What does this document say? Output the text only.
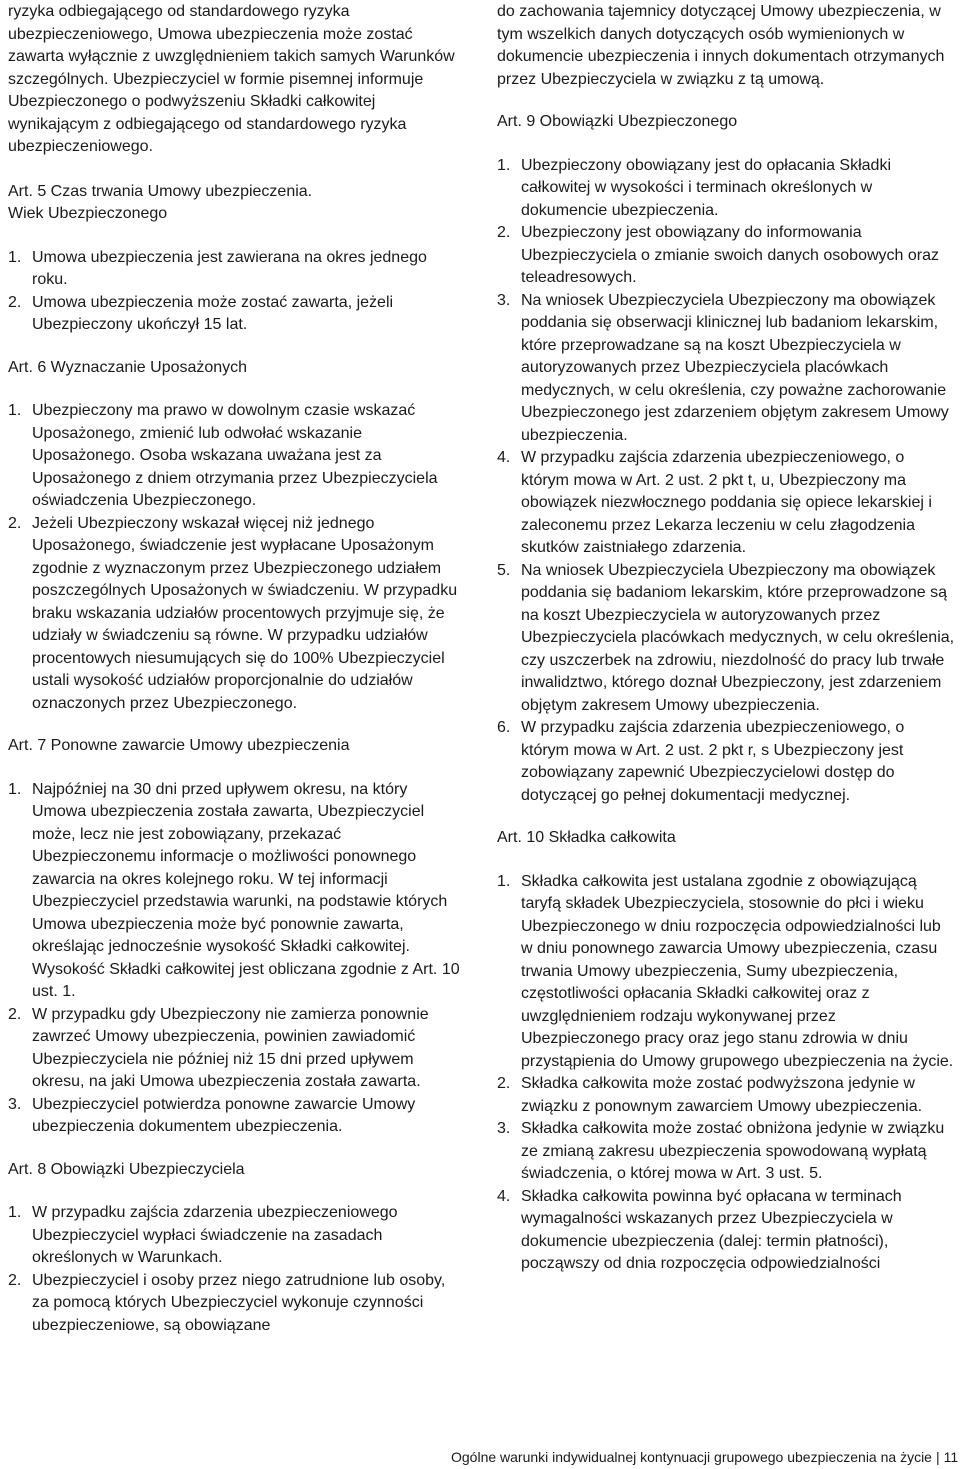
ryzyka odbiegającego od standardowego ryzyka ubezpieczeniowego, Umowa ubezpieczenia może zostać zawarta wyłącznie z uwzględnieniem takich samych Warunków szczególnych. Ubezpieczyciel w formie pisemnej informuje Ubezpieczonego o podwyższeniu Składki całkowitej wynikającym z odbiegającego od standardowego ryzyka ubezpieczeniowego.

Art. 5 Czas trwania Umowy ubezpieczenia.
Wiek Ubezpieczonego
1. Umowa ubezpieczenia jest zawierana na okres jednego roku.
2. Umowa ubezpieczenia może zostać zawarta, jeżeli Ubezpieczony ukończył 15 lat.
Art. 6 Wyznaczanie Uposażonych
1. Ubezpieczony ma prawo w dowolnym czasie wskazać Uposażonego, zmienić lub odwołać wskazanie Uposażonego. Osoba wskazana uważana jest za Uposażonego z dniem otrzymania przez Ubezpieczyciela oświadczenia Ubezpieczonego.
2. Jeżeli Ubezpieczony wskazał więcej niż jednego Uposażonego, świadczenie jest wypłacane Uposażonym zgodnie z wyznaczonym przez Ubezpieczonego udziałem poszczególnych Uposażonych w świadczeniu. W przypadku braku wskazania udziałów procentowych przyjmuje się, że udziały w świadczeniu są równe. W przypadku udziałów procentowych niesumujących się do 100% Ubezpieczyciel ustali wysokość udziałów proporcjonalnie do udziałów oznaczonych przez Ubezpieczonego.
Art. 7 Ponowne zawarcie Umowy ubezpieczenia
1. Najpóźniej na 30 dni przed upływem okresu, na który Umowa ubezpieczenia została zawarta, Ubezpieczyciel może, lecz nie jest zobowiązany, przekazać Ubezpieczonemu informacje o możliwości ponownego zawarcia na okres kolejnego roku. W tej informacji Ubezpieczyciel przedstawia warunki, na podstawie których Umowa ubezpieczenia może być ponownie zawarta, określając jednocześnie wysokość Składki całkowitej. Wysokość Składki całkowitej jest obliczana zgodnie z Art. 10 ust. 1.
2. W przypadku gdy Ubezpieczony nie zamierza ponownie zawrzeć Umowy ubezpieczenia, powinien zawiadomić Ubezpieczyciela nie później niż 15 dni przed upływem okresu, na jaki Umowa ubezpieczenia została zawarta.
3. Ubezpieczyciel potwierdza ponowne zawarcie Umowy ubezpieczenia dokumentem ubezpieczenia.
Art. 8 Obowiązki Ubezpieczyciela
1. W przypadku zajścia zdarzenia ubezpieczeniowego Ubezpieczyciel wypłaci świadczenie na zasadach określonych w Warunkach.
2. Ubezpieczyciel i osoby przez niego zatrudnione lub osoby, za pomocą których Ubezpieczyciel wykonuje czynności ubezpieczeniowe, są obowiązane

do zachowania tajemnicy dotyczącej Umowy ubezpieczenia, w tym wszelkich danych dotyczących osób wymienionych w dokumencie ubezpieczenia i innych dokumentach otrzymanych przez Ubezpieczyciela w związku z tą umową.

Art. 9 Obowiązki Ubezpieczonego
1. Ubezpieczony obowiązany jest do opłacania Składki całkowitej w wysokości i terminach określonych w dokumencie ubezpieczenia.
2. Ubezpieczony jest obowiązany do informowania Ubezpieczyciela o zmianie swoich danych osobowych oraz teleadresowych.
3. Na wniosek Ubezpieczyciela Ubezpieczony ma obowiązek poddania się obserwacji klinicznej lub badaniom lekarskim, które przeprowadzane są na koszt Ubezpieczyciela w autoryzowanych przez Ubezpieczyciela placówkach medycznych, w celu określenia, czy poważne zachorowanie Ubezpieczonego jest zdarzeniem objętym zakresem Umowy ubezpieczenia.
4. W przypadku zajścia zdarzenia ubezpieczeniowego, o którym mowa w Art. 2 ust. 2 pkt t, u, Ubezpieczony ma obowiązek niezwłocznego poddania się opiece lekarskiej i zaleconemu przez Lekarza leczeniu w celu złagodzenia skutków zaistniałego zdarzenia.
5. Na wniosek Ubezpieczyciela Ubezpieczony ma obowiązek poddania się badaniom lekarskim, które przeprowadzone są na koszt Ubezpieczyciela w autoryzowanych przez Ubezpieczyciela placówkach medycznych, w celu określenia, czy uszczerbek na zdrowiu, niezdolność do pracy lub trwałe inwalidztwo, którego doznał Ubezpieczony, jest zdarzeniem objętym zakresem Umowy ubezpieczenia.
6. W przypadku zajścia zdarzenia ubezpieczeniowego, o którym mowa w Art. 2 ust. 2 pkt r, s Ubezpieczony jest zobowiązany zapewnić Ubezpieczycielowi dostęp do dotyczącej go pełnej dokumentacji medycznej.
Art. 10 Składka całkowita
1. Składka całkowita jest ustalana zgodnie z obowiązującą taryfą składek Ubezpieczyciela, stosownie do płci i wieku Ubezpieczonego w dniu rozpoczęcia odpowiedzialności lub w dniu ponownego zawarcia Umowy ubezpieczenia, czasu trwania Umowy ubezpieczenia, Sumy ubezpieczenia, częstotliwości opłacania Składki całkowitej oraz z uwzględnieniem rodzaju wykonywanej przez Ubezpieczonego pracy oraz jego stanu zdrowia w dniu przystąpienia do Umowy grupowego ubezpieczenia na życie.
2. Składka całkowita może zostać podwyższona jedynie w związku z ponownym zawarciem Umowy ubezpieczenia.
3. Składka całkowita może zostać obniżona jedynie w związku ze zmianą zakresu ubezpieczenia spowodowaną wypłatą świadczenia, o której mowa w Art. 3 ust. 5.
4. Składka całkowita powinna być opłacana w terminach wymagalności wskazanych przez Ubezpieczyciela w dokumencie ubezpieczenia (dalej: termin płatności), począwszy od dnia rozpoczęcia odpowiedzialności
Ogólne warunki indywidualnej kontynuacji grupowego ubezpieczenia na życie | 11
